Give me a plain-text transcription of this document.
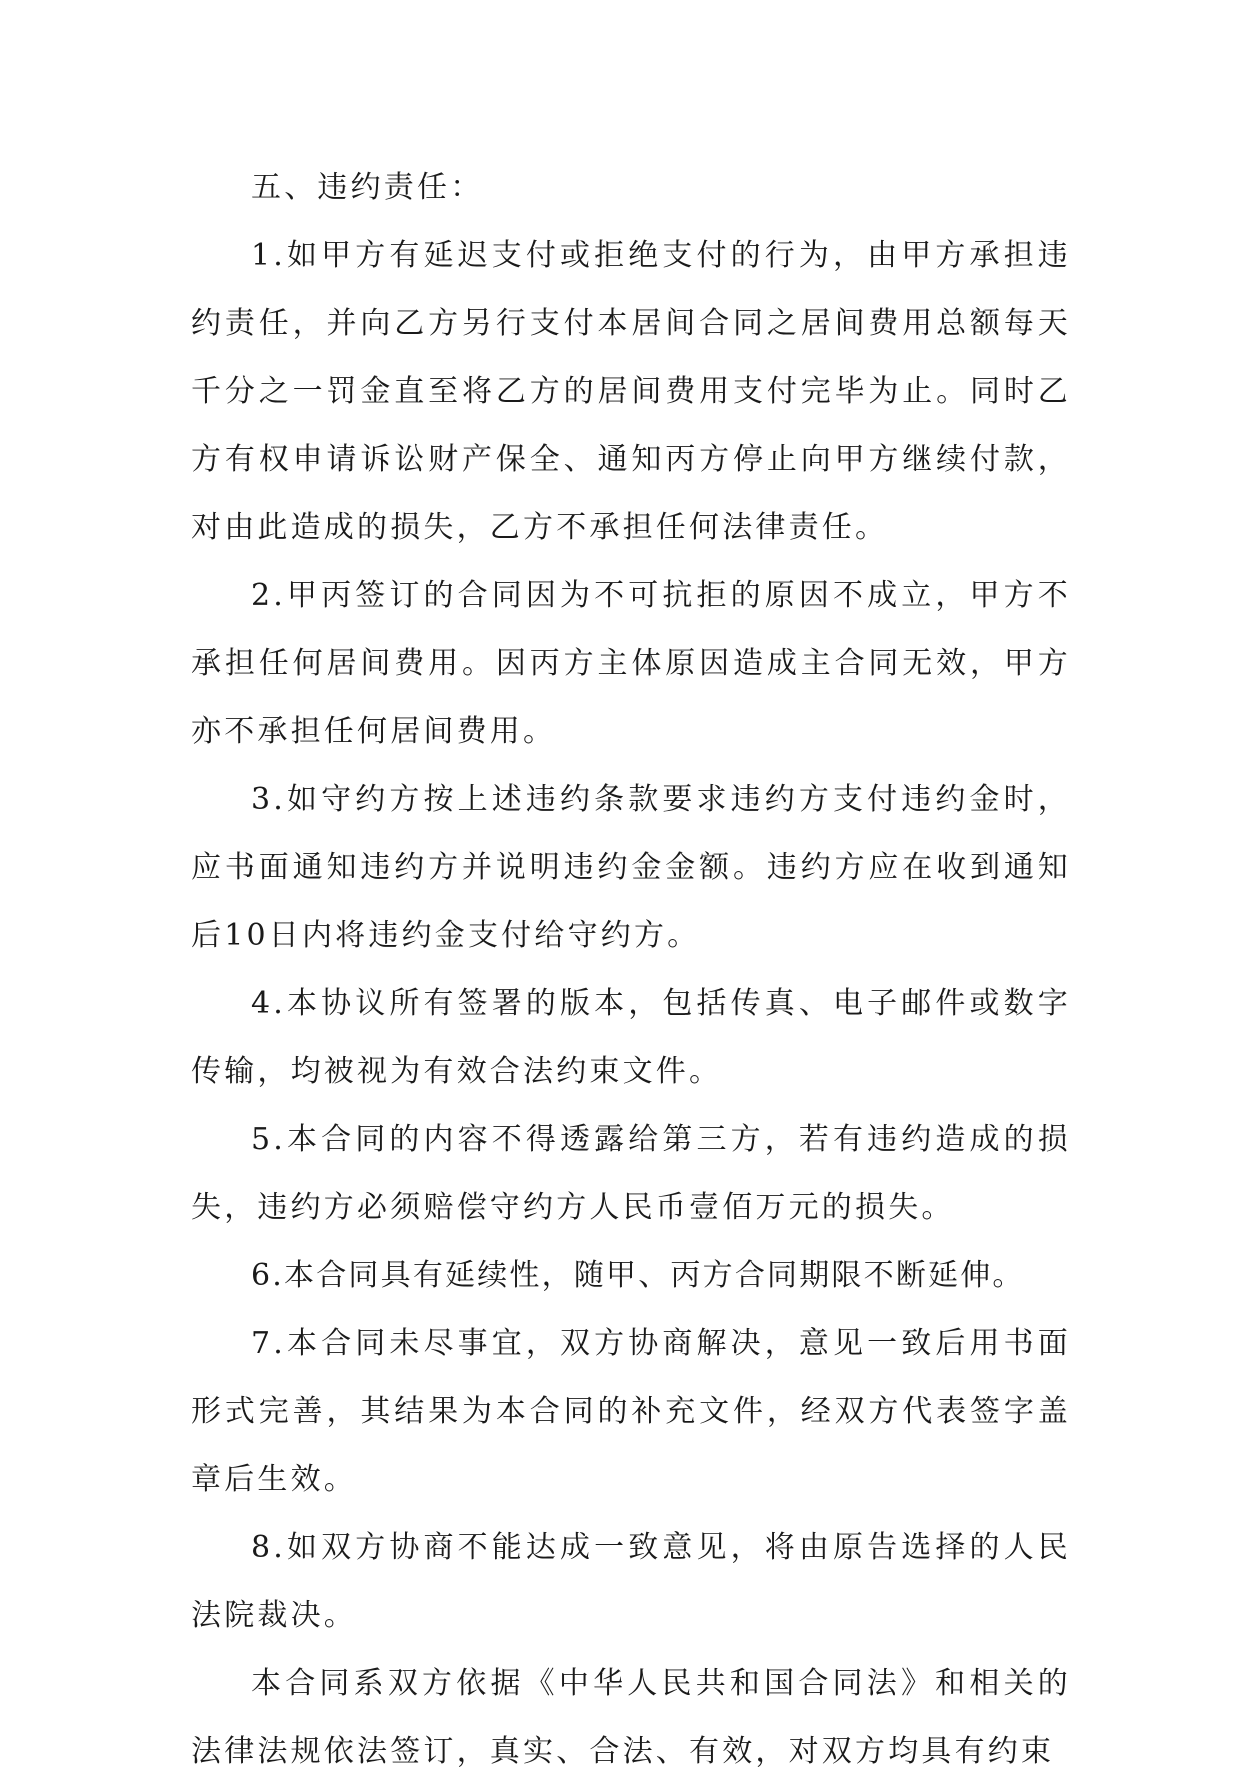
五、违约责任：

1.如甲方有延迟支付或拒绝支付的行为，由甲方承担违约责任，并向乙方另行支付本居间合同之居间费用总额每天千分之一罚金直至将乙方的居间费用支付完毕为止。同时乙方有权申请诉讼财产保全、通知丙方停止向甲方继续付款，对由此造成的损失，乙方不承担任何法律责任。

2.甲丙签订的合同因为不可抗拒的原因不成立，甲方不承担任何居间费用。因丙方主体原因造成主合同无效，甲方亦不承担任何居间费用。

3.如守约方按上述违约条款要求违约方支付违约金时，应书面通知违约方并说明违约金金额。违约方应在收到通知后10日内将违约金支付给守约方。

4.本协议所有签署的版本，包括传真、电子邮件或数字传输，均被视为有效合法约束文件。

5.本合同的内容不得透露给第三方，若有违约造成的损失，违约方必须赔偿守约方人民币壹佰万元的损失。

6.本合同具有延续性，随甲、丙方合同期限不断延伸。

7.本合同未尽事宜，双方协商解决，意见一致后用书面形式完善，其结果为本合同的补充文件，经双方代表签字盖章后生效。

8.如双方协商不能达成一致意见，将由原告选择的人民法院裁决。

本合同系双方依据《中华人民共和国合同法》和相关的法律法规依法签订，真实、合法、有效，对双方均具有约束
